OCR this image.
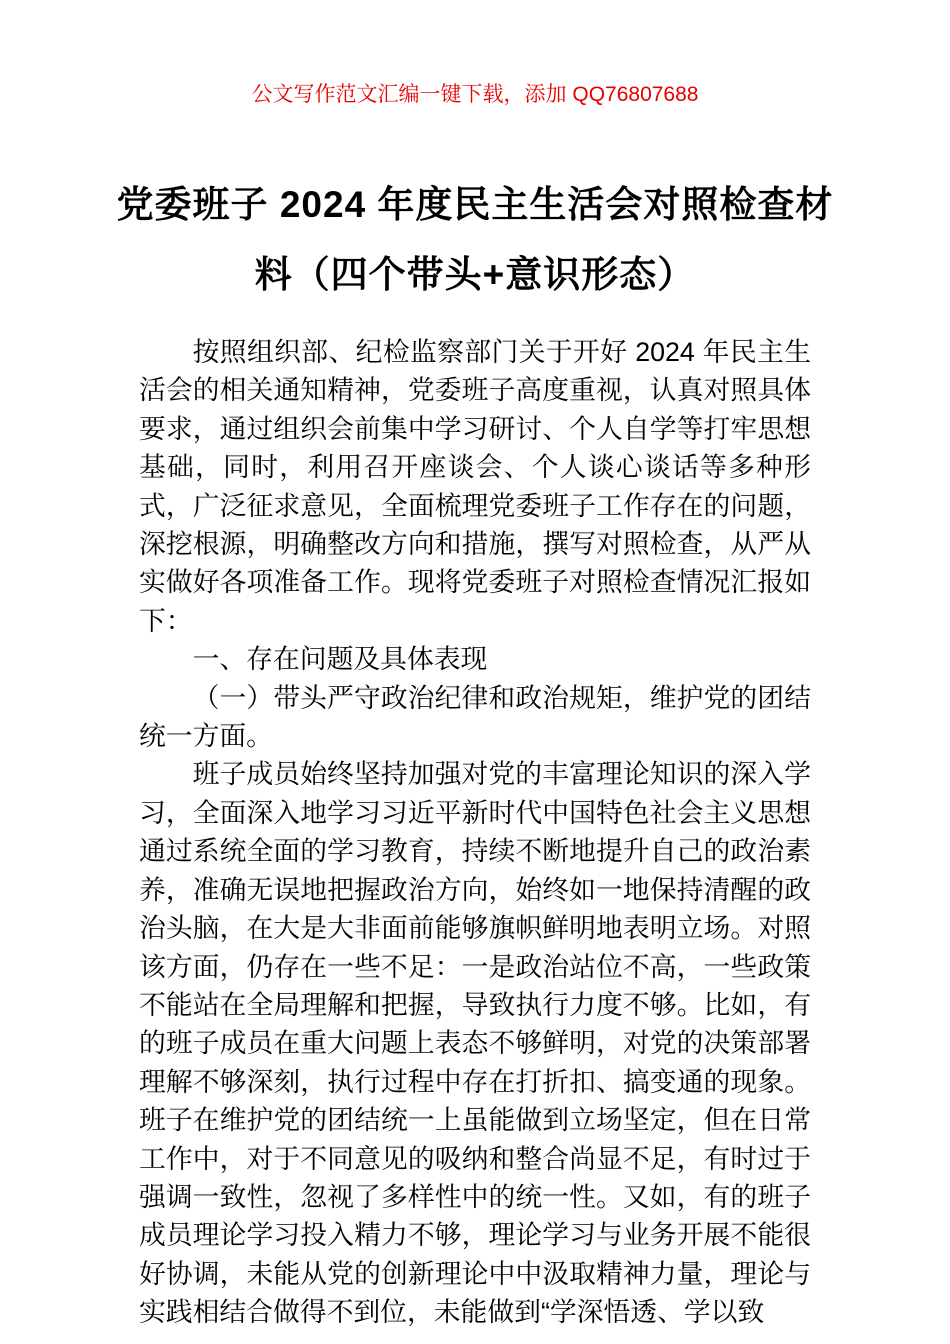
公文写作范文汇编一键下载，添加 QQ76807688
党委班子 2024 年度民主生活会对照检查材
料（四个带头+意识形态）

按照组织部、纪检监察部门关于开好 2024 年民主生活会的相关通知精神，党委班子高度重视，认真对照具体要求，通过组织会前集中学习研讨、个人自学等打牢思想基础，同时，利用召开座谈会、个人谈心谈话等多种形式，广泛征求意见，全面梳理党委班子工作存在的问题，深挖根源，明确整改方向和措施，撰写对照检查，从严从实做好各项准备工作。现将党委班子对照检查情况汇报如下：

一、存在问题及具体表现

（一）带头严守政治纪律和政治规矩，维护党的团结统一方面。

班子成员始终坚持加强对党的丰富理论知识的深入学习，全面深入地学习习近平新时代中国特色社会主义思想通过系统全面的学习教育，持续不断地提升自己的政治素养，准确无误地把握政治方向，始终如一地保持清醒的政治头脑，在大是大非面前能够旗帜鲜明地表明立场。对照该方面，仍存在一些不足：一是政治站位不高，一些政策不能站在全局理解和把握，导致执行力度不够。比如，有的班子成员在重大问题上表态不够鲜明，对党的决策部署理解不够深刻，执行过程中存在打折扣、搞变通的现象。班子在维护党的团结统一上虽能做到立场坚定，但在日常工作中，对于不同意见的吸纳和整合尚显不足，有时过于强调一致性，忽视了多样性中的统一性。又如，有的班子成员理论学习投入精力不够，理论学习与业务开展不能很好协调，未能从党的创新理论中中汲取精神力量，理论与实践相结合做得不到位，未能做到“学深悟透、学以致
